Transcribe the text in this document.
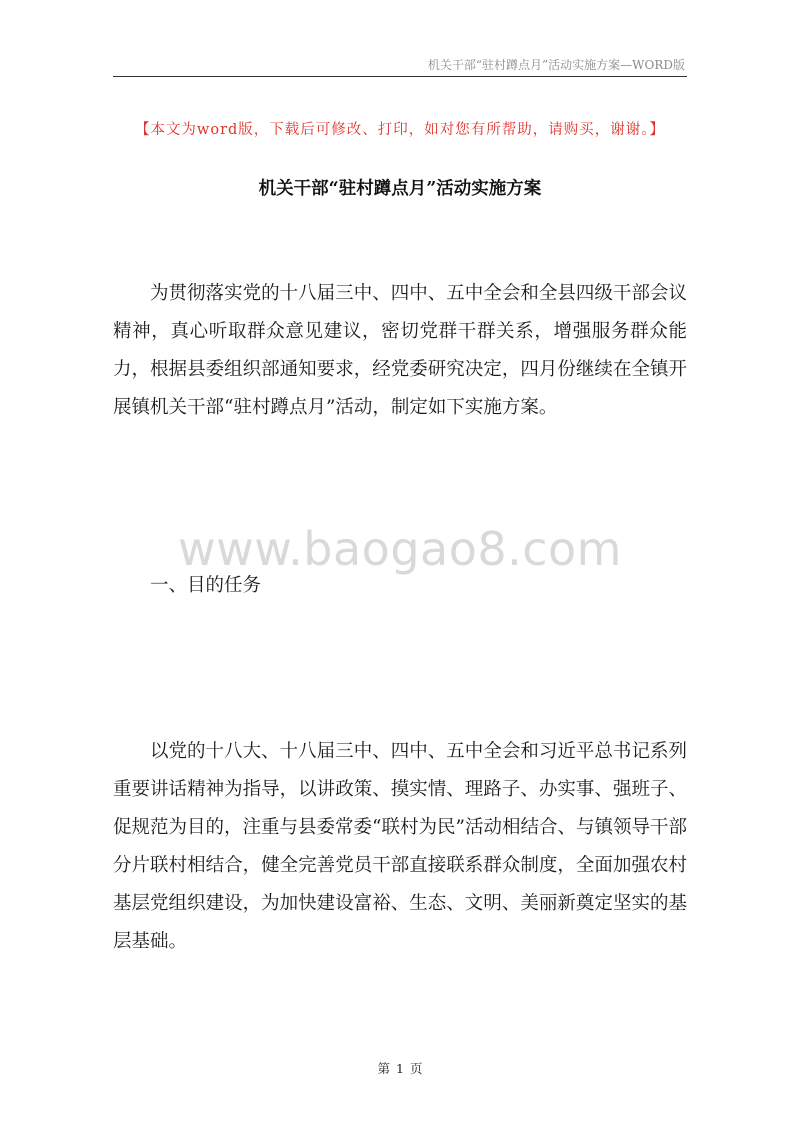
机关干部“驻村蹲点月”活动实施方案—WORD版
【本文为word版，下载后可修改、打印，如对您有所帮助，请购买，谢谢。】
机关干部“驻村蹲点月”活动实施方案

为贯彻落实党的十八届三中、四中、五中全会和全县四级干部会议精神，真心听取群众意见建议，密切党群干群关系，增强服务群众能力，根据县委组织部通知要求，经党委研究决定，四月份继续在全镇开展镇机关干部“驻村蹲点月”活动，制定如下实施方案。

www.baogao8.com
一、目的任务

以党的十八大、十八届三中、四中、五中全会和习近平总书记系列重要讲话精神为指导，以讲政策、摸实情、理路子、办实事、强班子、促规范为目的，注重与县委常委“联村为民”活动相结合、与镇领导干部分片联村相结合，健全完善党员干部直接联系群众制度，全面加强农村基层党组织建设，为加快建设富裕、生态、文明、美丽新奠定坚实的基层基础。

第 1 页
